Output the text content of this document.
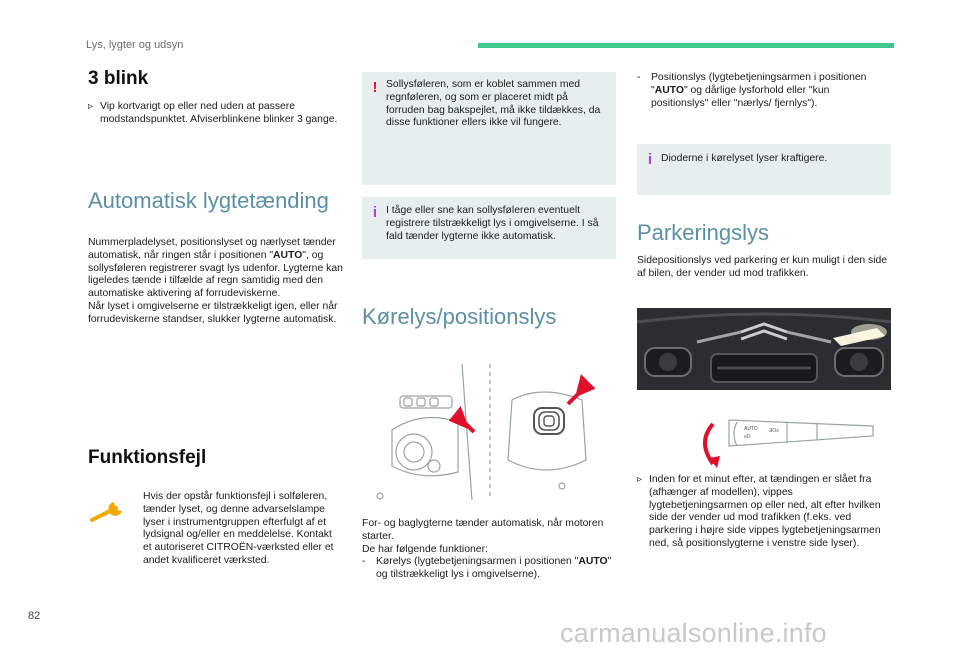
Lys, lygter og udsyn
3 blink
▹ Vip kortvarigt op eller ned uden at passere modstandspunktet. Afviserblinkene blinker 3 gange.
Automatisk lygtetænding
Nummerpladelyset, positionslyset og nærlyset tænder automatisk, når ringen står i positionen "AUTO", og sollysføleren registrerer svagt lys udenfor. Lygterne kan ligeledes tænde i tilfælde af regn samtidig med den automatiske aktivering af forrudeviskerne.
Når lyset i omgivelserne er tilstrækkeligt igen, eller når forrudeviskerne standser, slukker lygterne automatisk.
Funktionsfejl
Hvis der opstår funktionsfejl i solføleren, tænder lyset, og denne advarselslampe lyser i instrumentgruppen efterfulgt af et lydsignal og/eller en meddelelse. Kontakt et autoriseret CITROËN-værksted eller et andet kvalificeret værksted.
! Sollysføleren, som er koblet sammen med regnføleren, og som er placeret midt på forruden bag bakspejlet, må ikke tildækkes, da disse funktioner ellers ikke vil fungere.
i I tåge eller sne kan sollysføleren eventuelt registrere tilstrækkeligt lys i omgivelserne. I så fald tænder lygterne ikke automatisk.
Kørelys/positionslys
For- og baglygterne tænder automatisk, når motoren starter.
De har følgende funktioner:
-	Kørelys (lygtebetjeningsarmen i positionen "AUTO" og tilstrækkeligt lys i omgivelserne).
-	Positionslys (lygtebetjeningsarmen i positionen "AUTO" og dårlige lysforhold eller "kun positionslys" eller "nærlys/ fjernlys").
i Dioderne i kørelyset lyser kraftigere.
Parkeringslys
Sidepositionslys ved parkering er kun muligt i den side af bilen, der vender ud mod trafikken.
AUTO
≡D
ƎO≡
▹ Inden for et minut efter, at tændingen er slået fra (afhænger af modellen), vippes lygtebetjeningsarmen op eller ned, alt efter hvilken side der vender ud mod trafikken (f.eks. ved parkering i højre side vippes lygtebetjeningsarmen ned, så positionslygterne i venstre side lyser).
82
carmanualsonline.info
